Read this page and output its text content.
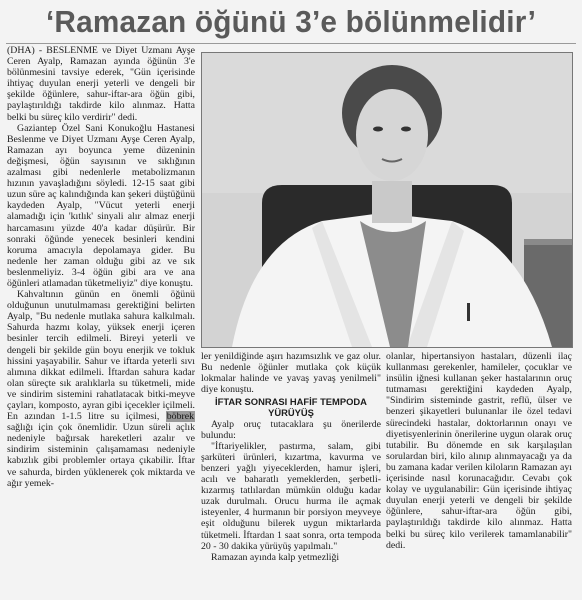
‘Ramazan öğünü 3’e bölünmelidir’

(DHA) - BESLENME ve Diyet Uzmanı Ayşe Ceren Ayalp, Ramazan ayında öğünün 3'e bölünmesini tavsiye ederek, "Gün içerisinde ihtiyaç duyulan enerji yeterli ve dengeli bir şekilde öğünlere, sahur-iftar-ara öğün gibi, paylaştırıldığı takdirde kilo alınmaz. Hatta belki bu süreç kilo verdirir" dedi.

Gaziantep Özel Sani Konukoğlu Hastanesi Beslenme ve Diyet Uzmanı Ayşe Ceren Ayalp, Ramazan ayı boyunca yeme düzeninin değişmesi, öğün sayısının ve sıklığının azalması gibi nedenlerle metabolizmanın hızının yavaşladığını söyledi. 12-15 saat gibi uzun süre aç kalındığında kan şekeri düştüğünü kaydeden Ayalp, "Vücut yeterli enerji alamadığı için 'kıtlık' sinyali alır almaz enerji harcamasını yüzde 40'a kadar düşürür. Bir sonraki öğünde yenecek besinleri kendini koruma amacıyla depolamaya gider. Bu nedenle her zaman olduğu gibi az ve sık beslenmeliyiz. 3-4 öğün gibi ara ve ana öğünleri atlamadan tüketmeliyiz" diye konuştu.

Kahvaltının günün en önemli öğünü olduğunun unutulmaması gerektiğini belirten Ayalp, "Bu nedenle mutlaka sahura kalkılmalı. Sahurda hazmı kolay, yüksek enerji içeren besinler tercih edilmeli. Bireyi yeterli ve dengeli bir şekilde gün boyu enerjik ve tokluk hissini yaşayabilir. Sahur ve iftarda yeterli sıvı alımına dikkat edilmeli. İftardan sahura kadar olan süreçte sık aralıklarla su tüketmeli, mide ve sindirim sistemini rahatlatacak bitki-meyve çayları, komposto, ayran gibi içecekler içilmeli. En azından 1-1.5 litre su içilmesi, böbrek sağlığı için çok önemlidir. Uzun süreli açlık nedeniyle bağırsak hareketleri azalır ve sindirim sisteminin çalışamaması nedeniyle kabızlık gibi problemler ortaya çıkabilir. İftar ve sahurda, birden yüklenerek çok miktarda ve ağır yemek-

ler yenildiğinde aşırı hazımsızlık ve gaz olur. Bu nedenle öğünler mutlaka çok küçük lokmalar halinde ve yavaş yavaş yenilmeli" diye konuştu.

İFTAR SONRASI HAFİF TEMPODA YÜRÜYÜŞ

Ayalp oruç tutacaklara şu önerilerde bulundu:

"İftariyelikler, pastırma, salam, gibi şarküteri ürünleri, kızartma, kavurma ve benzeri yağlı yiyeceklerden, hamur işleri, acılı ve baharatlı yemeklerden, şerbetli-kızarmış tatlılardan mümkün olduğu kadar uzak durulmalı. Orucu hurma ile açmak isteyenler, 4 hurmanın bir porsiyon meyveye eşit olduğunu bilerek uygun miktarlarda tüketmeli. İftardan 1 saat sonra, orta tempoda 20 - 30 dakika yürüyüş yapılmalı."

Ramazan ayında kalp yetmezliği

olanlar, hipertansiyon hastaları, düzenli ilaç kullanması gerekenler, hamileler, çocuklar ve insülin iğnesi kullanan şeker hastalarının oruç tutmaması gerektiğini kaydeden Ayalp, "Sindirim sisteminde gastrit, reflü, ülser ve benzeri şikayetleri bulunanlar ile özel tedavi sürecindeki hastalar, doktorlarının onayı ve diyetisyenlerinin önerilerine uygun olarak oruç tutabilir. Bu dönemde en sık karşılaşılan sorulardan biri, kilo alınıp alınmayacağı ya da bu zamana kadar verilen kiloların Ramazan ayı içerisinde nasıl korunacağıdır. Cevabı çok kolay ve uygulanabilir: Gün içerisinde ihtiyaç duyulan enerji yeterli ve dengeli bir şekilde öğünlere, sahur-iftar-ara öğün gibi, paylaştırıldığı takdirde kilo alınmaz. Hatta belki bu süreç kilo verilerek tamamlanabilir" dedi.
